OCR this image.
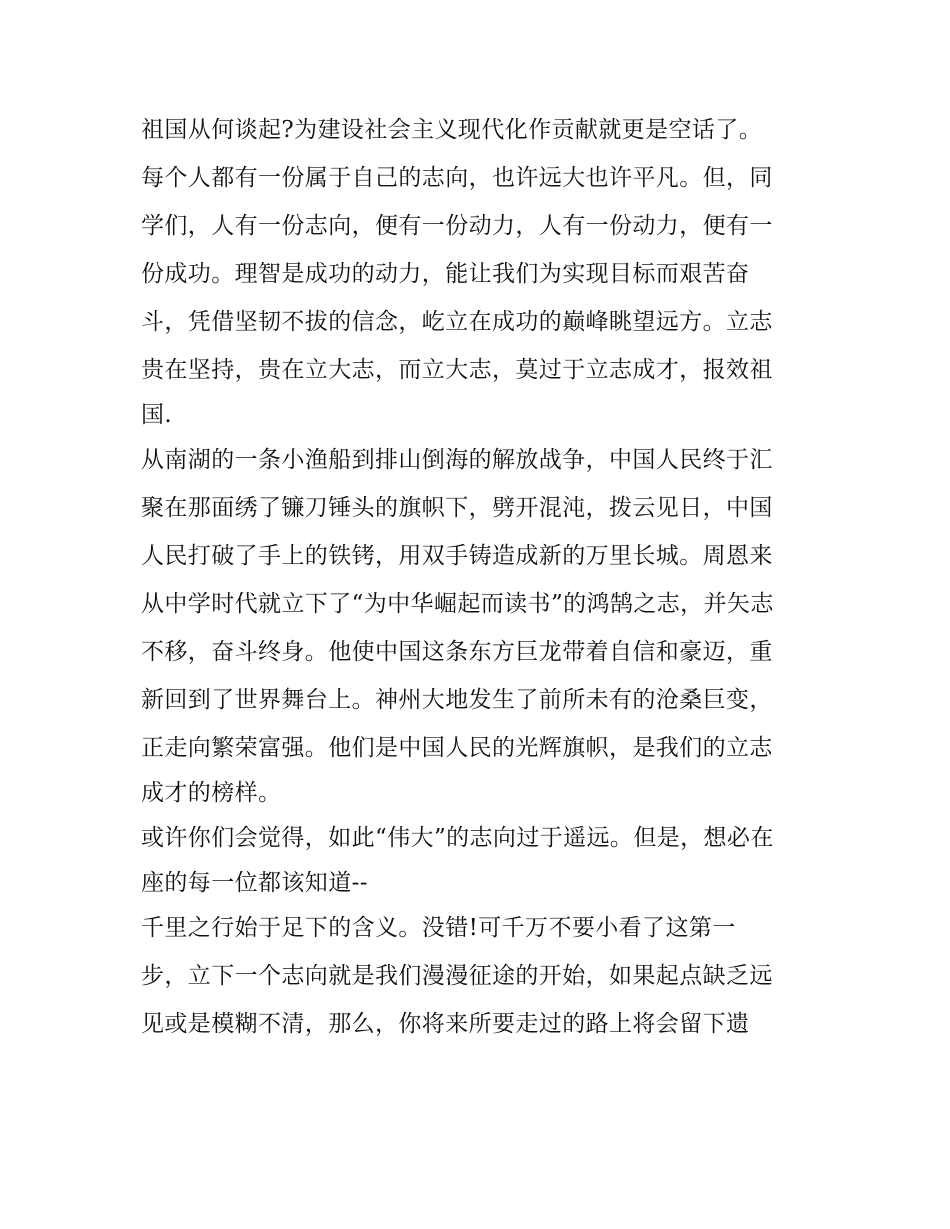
祖国从何谈起?为建设社会主义现代化作贡献就更是空话了。
每个人都有一份属于自己的志向，也许远大也许平凡。但，同
学们，人有一份志向，便有一份动力，人有一份动力，便有一
份成功。理智是成功的动力，能让我们为实现目标而艰苦奋
斗，凭借坚韧不拔的信念，屹立在成功的巅峰眺望远方。立志
贵在坚持，贵在立大志，而立大志，莫过于立志成才，报效祖
国.
从南湖的一条小渔船到排山倒海的解放战争，中国人民终于汇
聚在那面绣了镰刀锤头的旗帜下，劈开混沌，拨云见日，中国
人民打破了手上的铁铐，用双手铸造成新的万里长城。周恩来
从中学时代就立下了“为中华崛起而读书”的鸿鹄之志，并矢志
不移，奋斗终身。他使中国这条东方巨龙带着自信和豪迈，重
新回到了世界舞台上。神州大地发生了前所未有的沧桑巨变，
正走向繁荣富强。他们是中国人民的光辉旗帜，是我们的立志
成才的榜样。
或许你们会觉得，如此“伟大”的志向过于遥远。但是，想必在
座的每一位都该知道--
千里之行始于足下的含义。没错!可千万不要小看了这第一
步，立下一个志向就是我们漫漫征途的开始，如果起点缺乏远
见或是模糊不清，那么，你将来所要走过的路上将会留下遗
